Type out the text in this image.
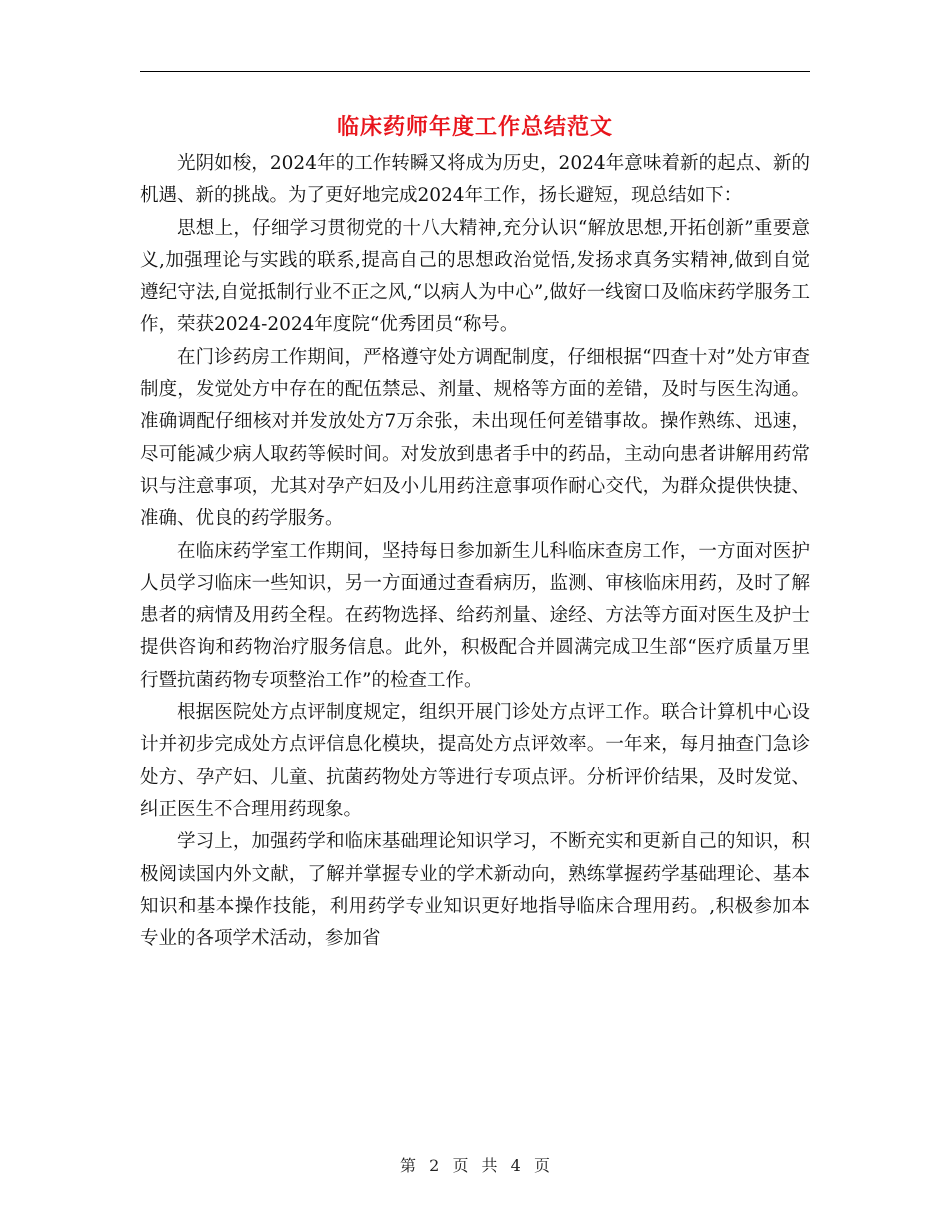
临床药师年度工作总结范文

光阴如梭，2024年的工作转瞬又将成为历史，2024年意味着新的起点、新的机遇、新的挑战。为了更好地完成2024年工作，扬长避短，现总结如下：

思想上，仔细学习贯彻党的十八大精神,充分认识“解放思想,开拓创新”重要意义,加强理论与实践的联系,提高自己的思想政治觉悟,发扬求真务实精神,做到自觉遵纪守法,自觉抵制行业不正之风,“以病人为中心”,做好一线窗口及临床药学服务工作，荣获2024-2024年度院“优秀团员“称号。

在门诊药房工作期间，严格遵守处方调配制度，仔细根据“四查十对”处方审查制度，发觉处方中存在的配伍禁忌、剂量、规格等方面的差错，及时与医生沟通。准确调配仔细核对并发放处方7万余张，未出现任何差错事故。操作熟练、迅速，尽可能减少病人取药等候时间。对发放到患者手中的药品，主动向患者讲解用药常识与注意事项，尤其对孕产妇及小儿用药注意事项作耐心交代，为群众提供快捷、准确、优良的药学服务。

在临床药学室工作期间，坚持每日参加新生儿科临床查房工作，一方面对医护人员学习临床一些知识，另一方面通过查看病历，监测、审核临床用药，及时了解患者的病情及用药全程。在药物选择、给药剂量、途经、方法等方面对医生及护士提供咨询和药物治疗服务信息。此外，积极配合并圆满完成卫生部“医疗质量万里行暨抗菌药物专项整治工作”的检查工作。

根据医院处方点评制度规定，组织开展门诊处方点评工作。联合计算机中心设计并初步完成处方点评信息化模块，提高处方点评效率。一年来，每月抽查门急诊处方、孕产妇、儿童、抗菌药物处方等进行专项点评。分析评价结果，及时发觉、纠正医生不合理用药现象。

学习上，加强药学和临床基础理论知识学习，不断充实和更新自己的知识，积极阅读国内外文献，了解并掌握专业的学术新动向，熟练掌握药学基础理论、基本知识和基本操作技能，利用药学专业知识更好地指导临床合理用药。,积极参加本专业的各项学术活动，参加省

第 2 页 共 4 页
